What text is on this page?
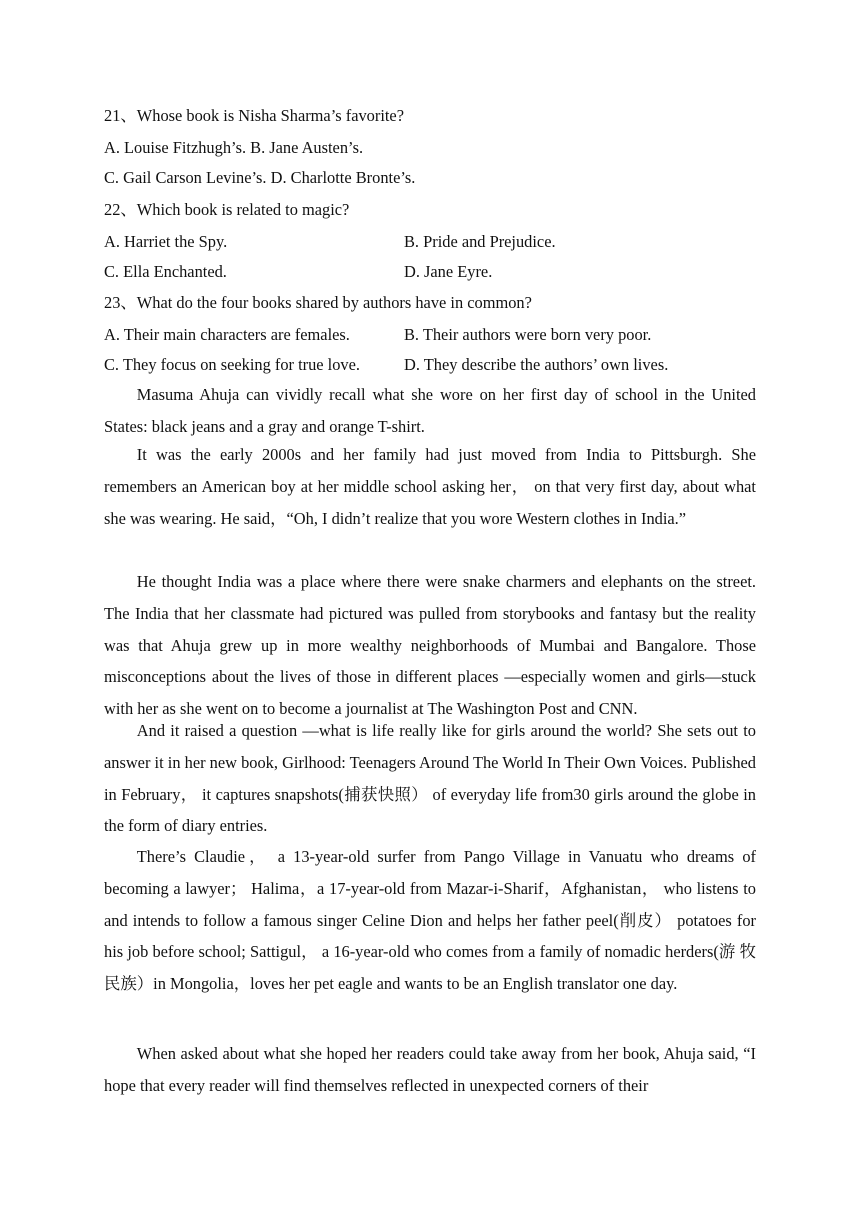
21、Whose book is Nisha Sharma’s favorite?
A. Louise Fitzhugh’s. B. Jane Austen’s.
C. Gail Carson Levine’s. D. Charlotte Bronte’s.
22、Which book is related to magic?
A. Harriet the Spy.	B. Pride and Prejudice.
C. Ella Enchanted.	D. Jane Eyre.
23、What do the four books shared by authors have in common?
A. Their main characters are females.	B. Their authors were born very poor.
C. They focus on seeking for true love.	D. They describe the authors’ own lives.
Masuma Ahuja can vividly recall what she wore on her first day of school in the United States: black jeans and a gray and orange T-shirt.
It was the early 2000s and her family had just moved from India to Pittsburgh. She remembers an American boy at her middle school asking her， on that very first day, about what she was wearing. He said，“Oh, I didn’t realize that you wore Western clothes in India.”
He thought India was a place where there were snake charmers and elephants on the street. The India that her classmate had pictured was pulled from storybooks and fantasy but the reality was that Ahuja grew up in more wealthy neighborhoods of Mumbai and Bangalore. Those misconceptions about the lives of those in different places —especially women and girls—stuck with her as she went on to become a journalist at The Washington Post and CNN.
And it raised a question —what is life really like for girls around the world? She sets out to answer it in her new book, Girlhood: Teenagers Around The World In Their Own Voices. Published in February， it captures snapshots(捕获快照） of everyday life from30 girls around the globe in the form of diary entries.
There’s Claudie， a 13-year-old surfer from Pango Village in Vanuatu who dreams of becoming a lawyer； Halima，a 17-year-old from Mazar-i-Sharif，Afghanistan， who listens to and intends to follow a famous singer Celine Dion and helps her father peel(削皮） potatoes for his job before school; Sattigul， a 16-year-old who comes from a family of nomadic herders(游 牧民族）in Mongolia，loves her pet eagle and wants to be an English translator one day.
When asked about what she hoped her readers could take away from her book, Ahuja said, “I hope that every reader will find themselves reflected in unexpected corners of their
